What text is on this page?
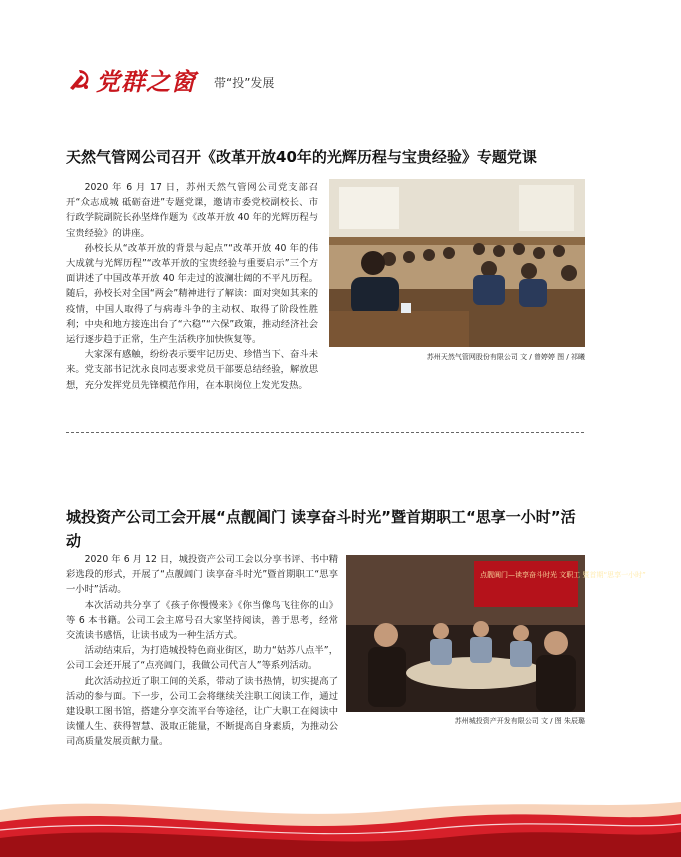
党群之窗 带“投”发展
天然气管网公司召开《改革开放40年的光辉历程与宝贵经验》专题党课

2020 年 6 月 17 日，苏州天然气管网公司党支部召开“众志成城 砥砺奋进”专题党课，邀请市委党校副校长、市行政学院副院长孙坚烽作题为《改革开放 40 年的光辉历程与宝贵经验》的讲座。

孙校长从“改革开放的背景与起点”“改革开放 40 年的伟大成就与光辉历程”“改革开放的宝贵经验与重要启示”三个方面讲述了中国改革开放 40 年走过的波澜壮阔的不平凡历程。随后，孙校长对全国“两会”精神进行了解读：面对突如其来的疫情，中国人取得了与病毒斗争的主动权、取得了阶段性胜利；中央和地方接连出台了“六稳”“六保”政策，推动经济社会运行逐步趋于正常，生产生活秩序加快恢复等。

大家深有感触，纷纷表示要牢记历史、珍惜当下、奋斗未来。党支部书记沈永良同志要求党员干部要总结经验，解放思想，充分发挥党员先锋模范作用，在本职岗位上发光发热。

苏州天然气管网股份有限公司 文 / 曾婷婷 图 / 祁曦
城投资产公司工会开展“点靓阊门 读享奋斗时光”暨首期职工“思享一小时”活动

2020 年 6 月 12 日，城投资产公司工会以分享书评、书中精彩选段的形式，开展了“点靓阊门 读享奋斗时光”暨首期职工“思享一小时”活动。

本次活动共分享了《孩子你慢慢来》《你当像鸟飞往你的山》等 6 本书籍。公司工会主席号召大家坚持阅读，善于思考，经常交流读书感悟，让读书成为一种生活方式。

活动结束后，为打造城投特色商业街区，助力“姑苏八点半”，公司工会还开展了“点亮阊门，我做公司代言人”等系列活动。

此次活动拉近了职工间的关系，带动了读书热情，切实提高了活动的参与面。下一步，公司工会将继续关注职工阅读工作，通过建设职工图书馆，搭建分享交流平台等途径，让广大职工在阅读中读懂人生、获得智慧、汲取正能量，不断提高自身素质，为推动公司高质量发展贡献力量。

点靓阊门—读享奋斗时光 文职工 暨首期“思享一小时”
苏州城投资产开发有限公司 文 / 图 朱辰璐
